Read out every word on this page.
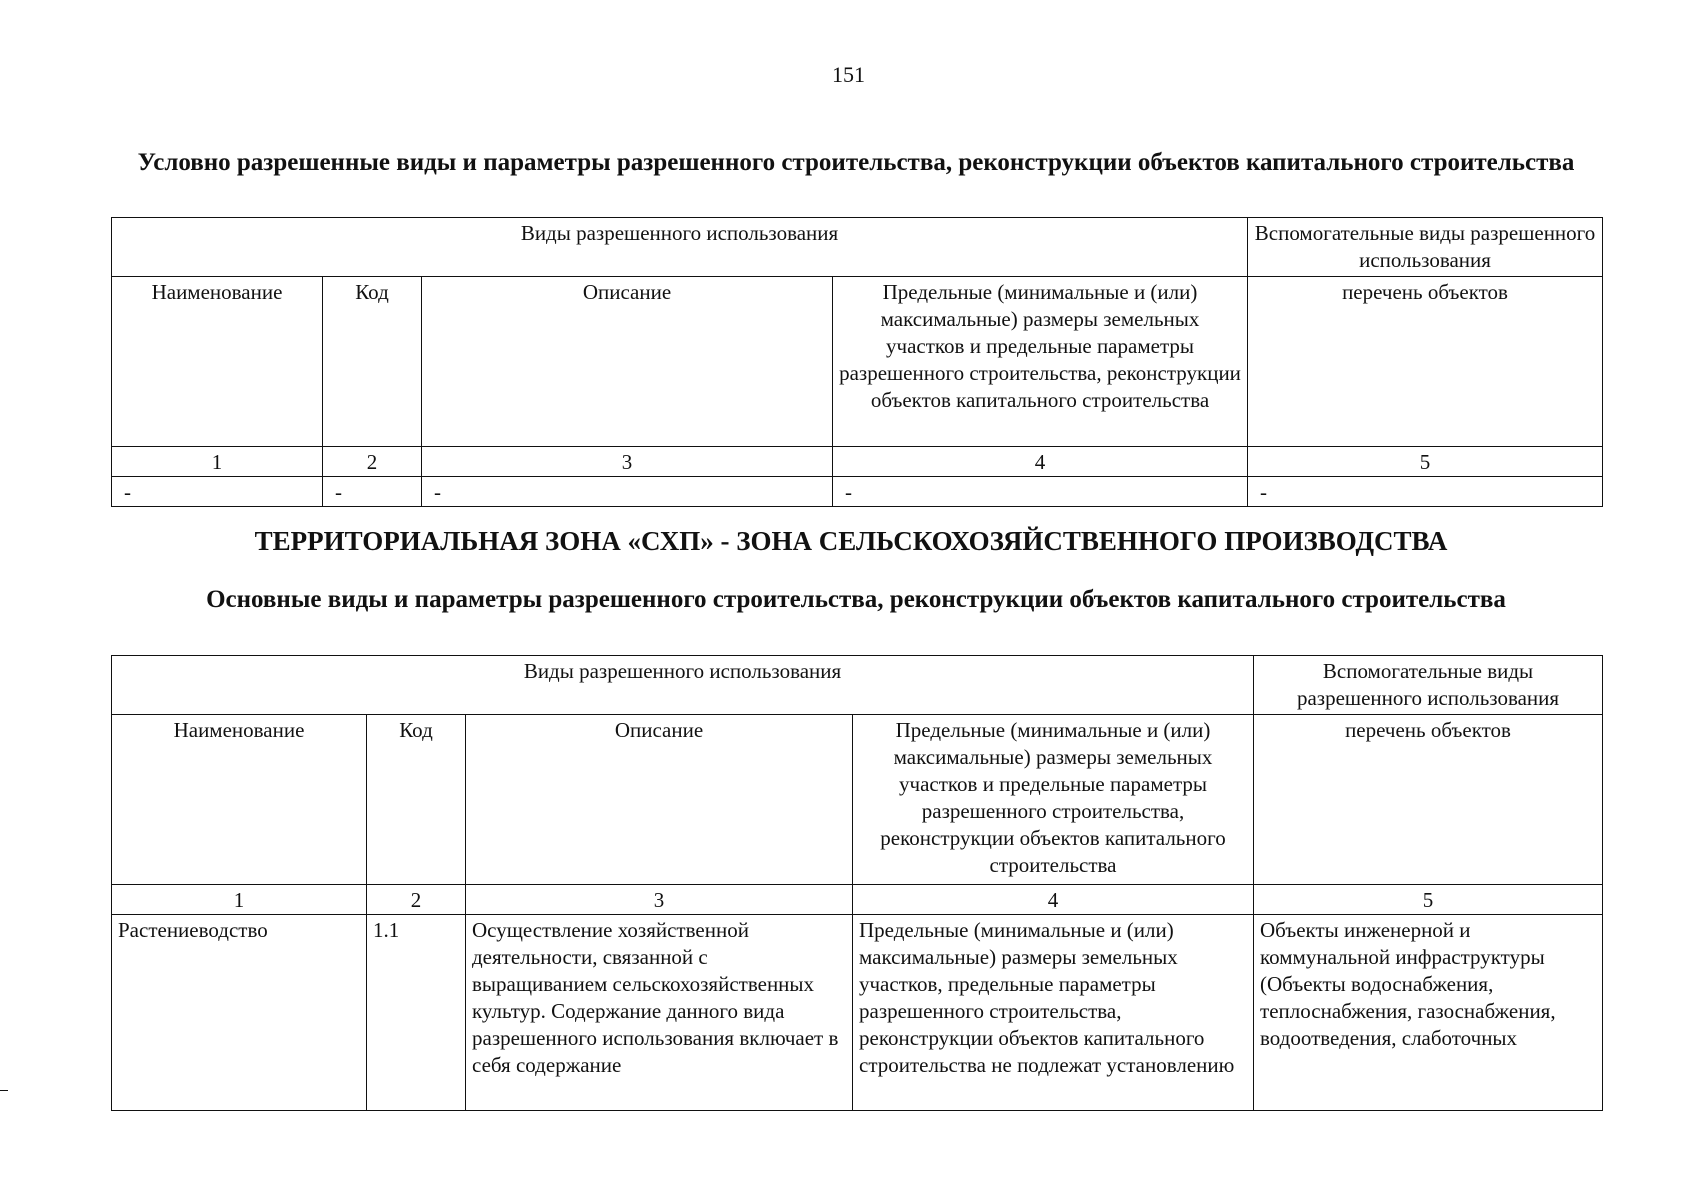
151
Условно разрешенные виды и параметры разрешенного строительства, реконструкции объектов капитального строительства
Виды разрешенного использования				Вспомогательные виды разрешенного использования
Наименование	Код	Описание	Предельные (минимальные и (или) максимальные) размеры земельных участков и предельные параметры разрешенного строительства, реконструкции объектов капитального строительства	перечень объектов
1	2	3	4	5
-	-	-	-	-
ТЕРРИТОРИАЛЬНАЯ ЗОНА «СХП» - ЗОНА СЕЛЬСКОХОЗЯЙСТВЕННОГО ПРОИЗВОДСТВА
Основные виды и параметры разрешенного строительства, реконструкции объектов капитального строительства
Виды разрешенного использования				Вспомогательные виды разрешенного использования
Наименование	Код	Описание	Предельные (минимальные и (или) максимальные) размеры земельных участков и предельные параметры разрешенного строительства, реконструкции объектов капитального строительства	перечень объектов
1	2	3	4	5
Растениеводство	1.1	Осуществление хозяйственной деятельности, связанной с выращиванием сельскохозяйственных культур. Содержание данного вида разрешенного использования включает в себя содержание	Предельные (минимальные и (или) максимальные) размеры земельных участков, предельные параметры разрешенного строительства, реконструкции объектов капитального строительства не подлежат установлению	Объекты инженерной и коммунальной инфраструктуры (Объекты водоснабжения, теплоснабжения, газоснабжения, водоотведения, слаботочных
